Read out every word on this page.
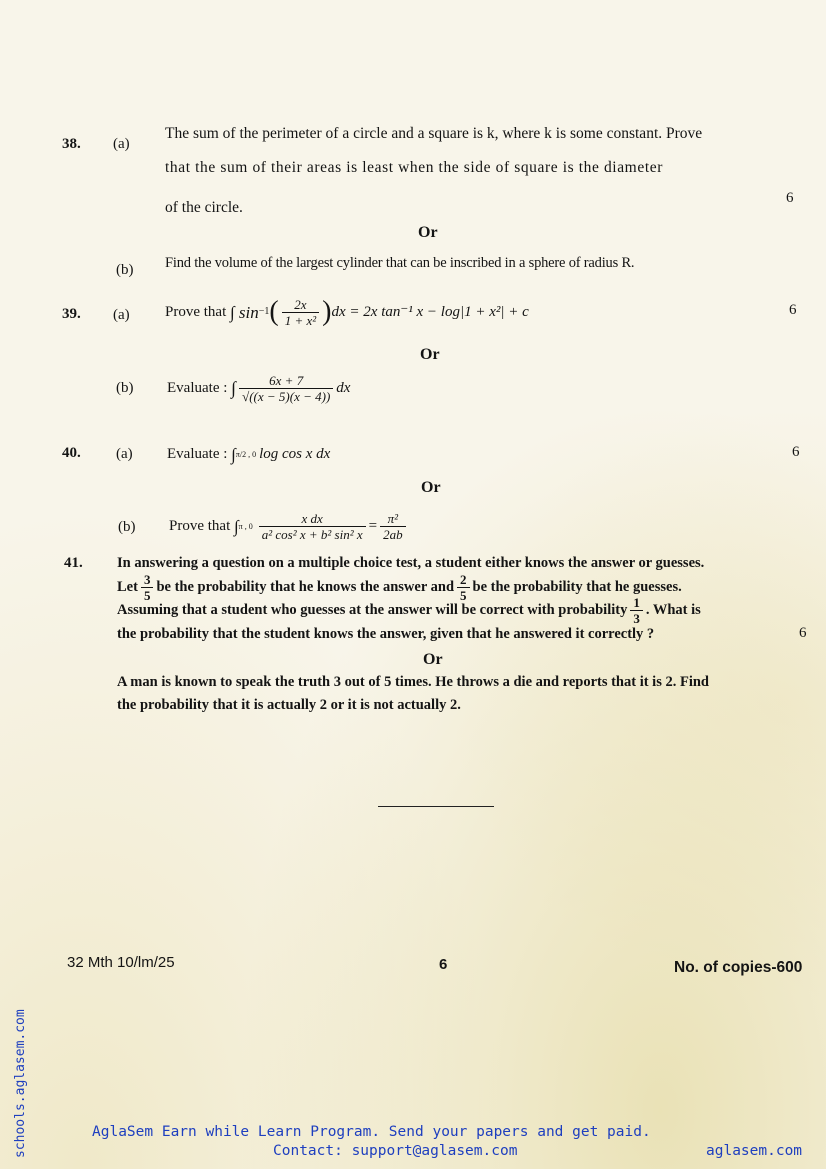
38. (a)
The sum of the perimeter of a circle and a square is k, where k is some constant. Prove
that the sum of their areas is least when the side of square is the diameter
of the circle.
6
Or
(b) Find the volume of the largest cylinder that can be inscribed in a sphere of radius R.
39. (a) Prove that
∫ sin −1 ( $\frac{2x}{\text{1 + x²}}$ ) dx = 2x tan⁻¹ x − log|1 + x²| + c	6
Or
(b) Evaluate :
∫ $\frac{6x + 7}{√((x - 5)(x - 4))}$ dx
40. (a) Evaluate :
∫ π/2 , 0 log cos x dx	6
Or
(b) Prove that
∫ π , $0 \frac{\text{x dx}}{\text{a² cos² x + b² sin² x}} = \frac{\text{π²}}{2ab}$
41. In answering a question on a multiple choice test, a student either knows the answer or guesses.
Let $\frac{3}{5}$ be the probability that he knows the answer and $\frac{2}{5}$ be the probability that he guesses.
Assuming that a student who guesses at the answer will be correct with probability $\frac{1}{3}$ . What is
the probability that the student knows the answer, given that he answered it correctly ?	6
Or
A man is known to speak the truth 3 out of 5 times. He throws a die and reports that it is 2. Find
the probability that it is actually 2 or it is not actually 2.
32 Mth 10/lm/25	6	No. of copies-600
schools.aglasem.com	AglaSem Earn while Learn Program. Send your papers and get paid.
Contact: support@aglasem.com	aglasem.com
